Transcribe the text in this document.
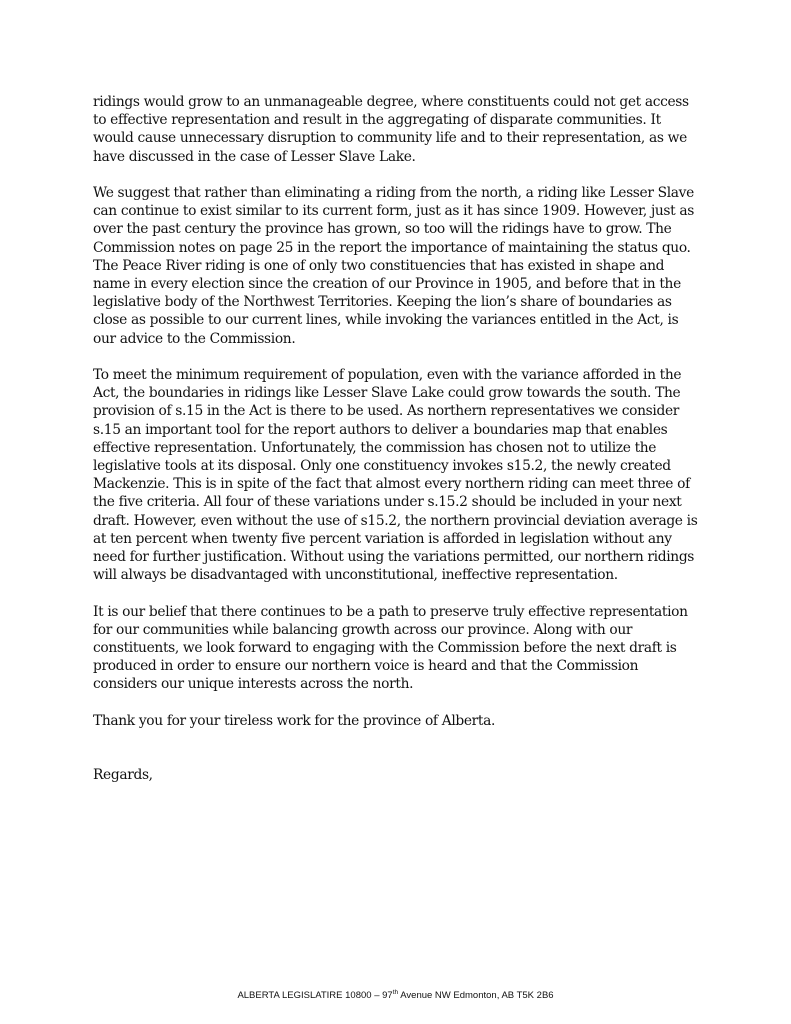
ridings would grow to an unmanageable degree, where constituents could not get access to effective representation and result in the aggregating of disparate communities. It would cause unnecessary disruption to community life and to their representation, as we have discussed in the case of Lesser Slave Lake.

We suggest that rather than eliminating a riding from the north, a riding like Lesser Slave can continue to exist similar to its current form, just as it has since 1909. However, just as over the past century the province has grown, so too will the ridings have to grow. The Commission notes on page 25 in the report the importance of maintaining the status quo. The Peace River riding is one of only two constituencies that has existed in shape and name in every election since the creation of our Province in 1905, and before that in the legislative body of the Northwest Territories. Keeping the lion’s share of boundaries as close as possible to our current lines, while invoking the variances entitled in the Act, is our advice to the Commission.

To meet the minimum requirement of population, even with the variance afforded in the Act, the boundaries in ridings like Lesser Slave Lake could grow towards the south. The provision of s.15 in the Act is there to be used. As northern representatives we consider s.15 an important tool for the report authors to deliver a boundaries map that enables effective representation. Unfortunately, the commission has chosen not to utilize the legislative tools at its disposal. Only one constituency invokes s15.2, the newly created Mackenzie. This is in spite of the fact that almost every northern riding can meet three of the five criteria. All four of these variations under s.15.2 should be included in your next draft. However, even without the use of s15.2, the northern provincial deviation average is at ten percent when twenty five percent variation is afforded in legislation without any need for further justification. Without using the variations permitted, our northern ridings will always be disadvantaged with unconstitutional, ineffective representation.

It is our belief that there continues to be a path to preserve truly effective representation for our communities while balancing growth across our province. Along with our constituents, we look forward to engaging with the Commission before the next draft is produced in order to ensure our northern voice is heard and that the Commission considers our unique interests across the north.

Thank you for your tireless work for the province of Alberta.

Regards,

ALBERTA LEGISLATIRE 10800 – 97th Avenue NW Edmonton, AB T5K 2B6
